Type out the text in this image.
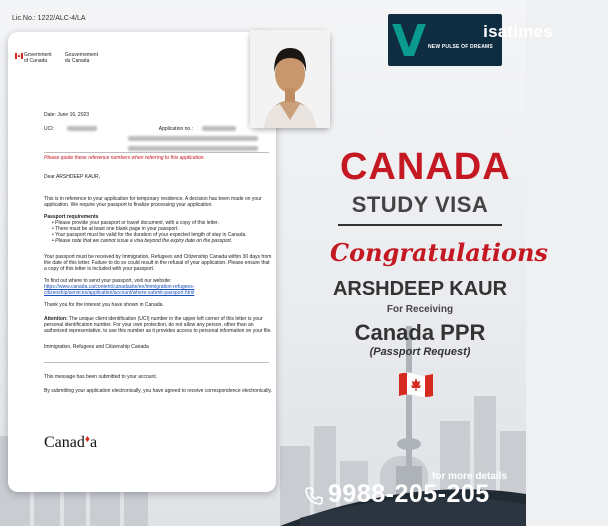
Lic.No.: 1222/ALC-4/LA
Government
of Canada

Gouvernement
du Canada
Date: June 16, 2023
UCI:	Application no.:
Please quote these reference numbers when referring to this application.
Dear ARSHDEEP KAUR,
This is in reference to your application for temporary residence. A decision has been made on your application. We require your passport to finalize processing your application.
Passport requirements
• Please provide your passport or travel document, with a copy of this letter.
• There must be at least one blank page in your passport.
• Your passport must be valid for the duration of your expected length of stay in Canada.
• Please note that we cannot issue a visa beyond the expiry date on the passport.
Your passport must be received by Immigration, Refugees and Citizenship Canada within 30 days from the date of this letter. Failure to do so could result in the refusal of your application. Please ensure that a copy of this letter is included with your passport.
To find out where to send your passport, visit our website: https://www.canada.ca/content/canadasite/en/immigration-refugees-citizenship/services/application/account/where-submit-passport.html
Thank you for the interest you have shown in Canada.
Attention: The unique client identification (UCI) number in the upper left corner of this letter is your personal identification number. For your own protection, do not allow any person, other than an authorized representative, to use this number as it provides access to personal information on your file.
Immigration, Refugees and Citizenship Canada
This message has been submitted to your account.
By submitting your application electronically, you have agreed to receive correspondence electronically.
Canad♦a
V	isatimes
NEW PULSE OF DREAMS
CANADA
STUDY VISA
Congratulations
ARSHDEEP KAUR
For Receiving
Canada PPR
(Passport Request)
for more details
9988-205-205
